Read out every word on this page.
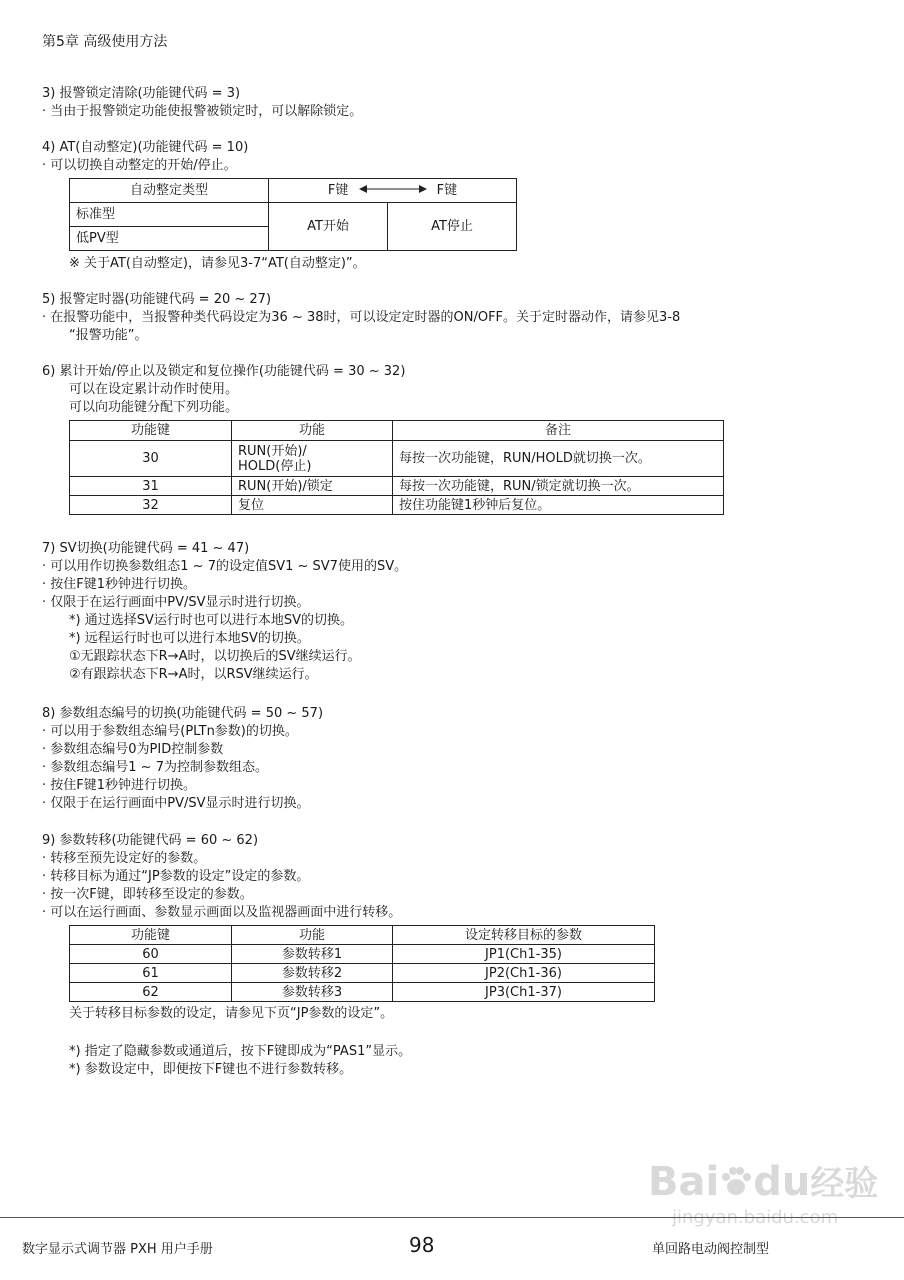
第5章 高级使用方法
3) 报警锁定清除(功能键代码 = 3)
· 当由于报警锁定功能使报警被锁定时，可以解除锁定。
4) AT(自动整定)(功能键代码 = 10)
· 可以切换自动整定的开始/停止。
自动整定类型	F键 F键	
标准型	AT开始	AT停止
低PV型		
※ 关于AT(自动整定)，请参见3-7“AT(自动整定)”。
5) 报警定时器(功能键代码 = 20 ~ 27)
· 在报警功能中，当报警种类代码设定为36 ~ 38时，可以设定定时器的ON/OFF。关于定时器动作，请参见3-8
“报警功能”。
6) 累计开始/停止以及锁定和复位操作(功能键代码 = 30 ~ 32)
可以在设定累计动作时使用。
可以向功能键分配下列功能。
功能键	功能	备注
30	RUN(开始)/
HOLD(停止)	每按一次功能键，RUN/HOLD就切换一次。
31	RUN(开始)/锁定	每按一次功能键，RUN/锁定就切换一次。
32	复位	按住功能键1秒钟后复位。
7) SV切换(功能键代码 = 41 ~ 47)
· 可以用作切换参数组态1 ~ 7的设定值SV1 ~ SV7使用的SV。
· 按住F键1秒钟进行切换。
· 仅限于在运行画面中PV/SV显示时进行切换。
*) 通过选择SV运行时也可以进行本地SV的切换。
*) 远程运行时也可以进行本地SV的切换。
①无跟踪状态下R→A时，以切换后的SV继续运行。
②有跟踪状态下R→A时，以RSV继续运行。
8) 参数组态编号的切换(功能键代码 = 50 ~ 57)
· 可以用于参数组态编号(PLTn参数)的切换。
· 参数组态编号0为PID控制参数
· 参数组态编号1 ~ 7为控制参数组态。
· 按住F键1秒钟进行切换。
· 仅限于在运行画面中PV/SV显示时进行切换。
9) 参数转移(功能键代码 = 60 ~ 62)
· 转移至预先设定好的参数。
· 转移目标为通过“JP参数的设定”设定的参数。
· 按一次F键，即转移至设定的参数。
· 可以在运行画面、参数显示画面以及监视器画面中进行转移。
功能键	功能	设定转移目标的参数
60	参数转移1	JP1(Ch1-35)
61	参数转移2	JP2(Ch1-36)
62	参数转移3	JP3(Ch1-37)
关于转移目标参数的设定，请参见下页“JP参数的设定”。
*) 指定了隐藏参数或通道后，按下F键即成为“PAS1”显示。
*) 参数设定中，即便按下F键也不进行参数转移。
Bai du经验
jingyan.baidu.com
数字显示式调节器 PXH 用户手册	98	单回路电动阀控制型
